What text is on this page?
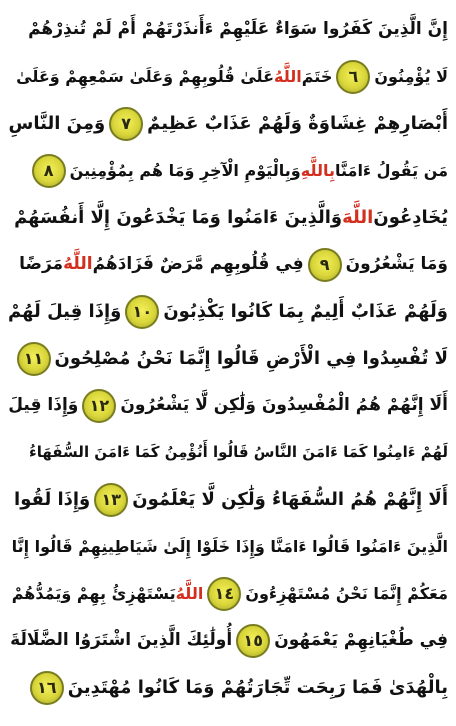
إِنَّ الَّذِينَ كَفَرُوا سَوَاءٌ عَلَيْهِمْ ءَأَنذَرْتَهُمْ أَمْ لَمْ تُنذِرْهُمْ
لَا يُؤْمِنُونَ
٦
خَتَمَ
اللَّهُ
عَلَىٰ قُلُوبِهِمْ وَعَلَىٰ سَمْعِهِمْ وَعَلَىٰ
أَبْصَارِهِمْ غِشَاوَةٌ وَلَهُمْ عَذَابٌ عَظِيمٌ
٧
وَمِنَ النَّاسِ
مَن يَقُولُ ءَامَنَّا
بِاللَّهِ
وَبِالْيَوْمِ الْآخِرِ وَمَا هُم بِمُؤْمِنِينَ
٨
يُخَادِعُونَ
اللَّهَ
وَالَّذِينَ ءَامَنُوا وَمَا يَخْدَعُونَ إِلَّا أَنفُسَهُمْ
وَمَا يَشْعُرُونَ
٩
فِي قُلُوبِهِم مَّرَضٌ فَزَادَهُمُ
اللَّهُ
مَرَضًا
وَلَهُمْ عَذَابٌ أَلِيمٌ بِمَا كَانُوا يَكْذِبُونَ
١٠
وَإِذَا قِيلَ لَهُمْ
لَا تُفْسِدُوا فِي الْأَرْضِ قَالُوا إِنَّمَا نَحْنُ مُصْلِحُونَ
١١
أَلَا إِنَّهُمْ هُمُ الْمُفْسِدُونَ وَلَٰكِن لَّا يَشْعُرُونَ
١٢
وَإِذَا قِيلَ
لَهُمْ ءَامِنُوا كَمَا ءَامَنَ النَّاسُ قَالُوا أَنُؤْمِنُ كَمَا ءَامَنَ السُّفَهَاءُ
أَلَا إِنَّهُمْ هُمُ السُّفَهَاءُ وَلَٰكِن لَّا يَعْلَمُونَ
١٣
وَإِذَا لَقُوا
الَّذِينَ ءَامَنُوا قَالُوا ءَامَنَّا وَإِذَا خَلَوْا إِلَىٰ شَيَاطِينِهِمْ قَالُوا إِنَّا
مَعَكُمْ إِنَّمَا نَحْنُ مُسْتَهْزِءُونَ
١٤
اللَّهُ
يَسْتَهْزِئُ بِهِمْ وَيَمُدُّهُمْ
فِي طُغْيَانِهِمْ يَعْمَهُونَ
١٥
أُولَٰئِكَ الَّذِينَ اشْتَرَوُا الضَّلَالَةَ
بِالْهُدَىٰ فَمَا رَبِحَت تِّجَارَتُهُمْ وَمَا كَانُوا مُهْتَدِينَ
١٦
